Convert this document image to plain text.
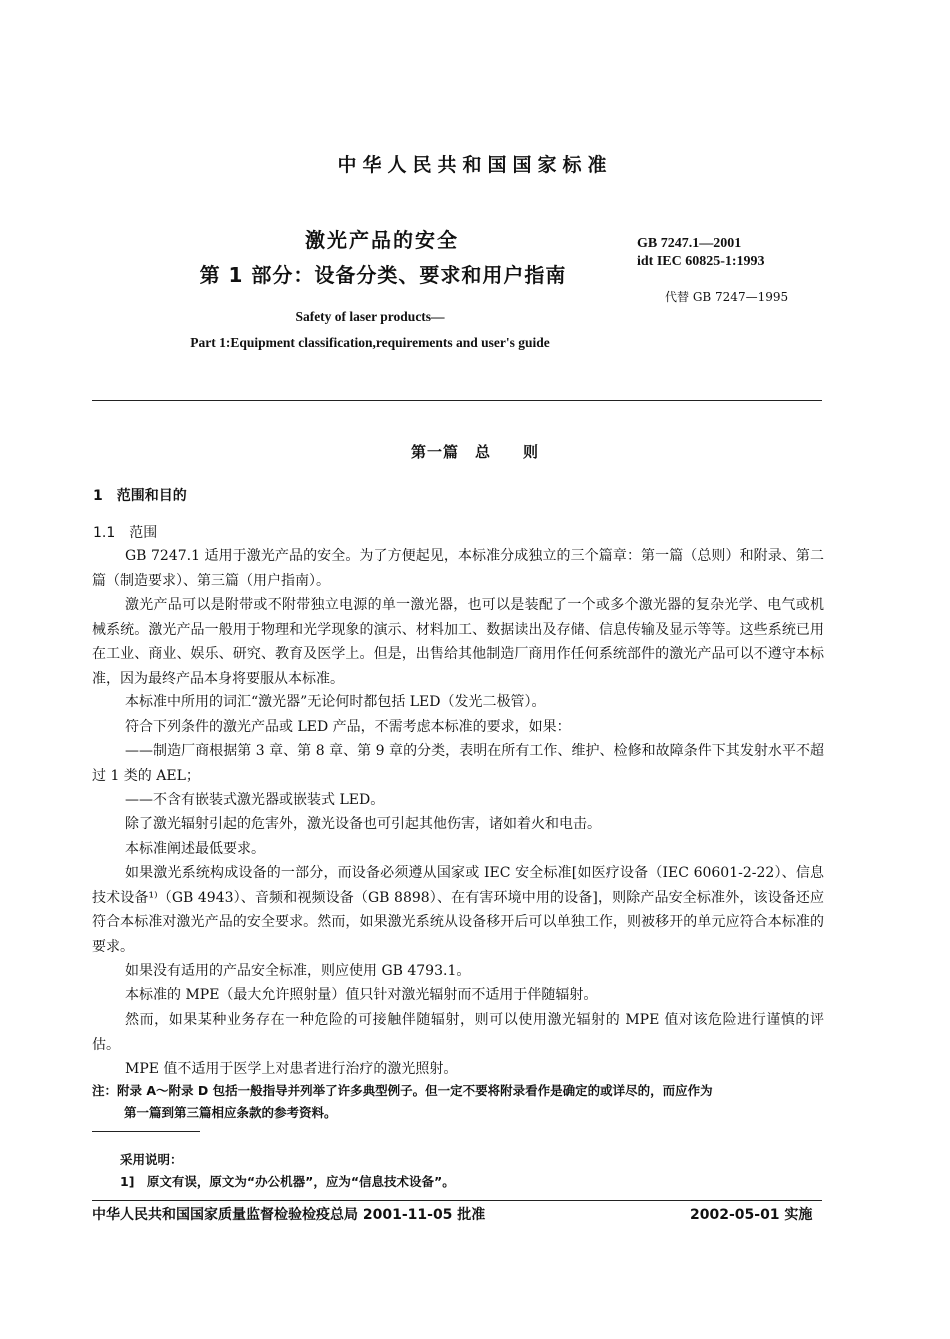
中华人民共和国国家标准
激光产品的安全
第 1 部分：设备分类、要求和用户指南
Safety of laser products—
Part 1:Equipment classification,requirements and user's guide
GB 7247.1—2001
idt IEC 60825-1:1993
代替 GB 7247—1995
第一篇　总　　则
1　范围和目的
1.1　范围
GB 7247.1 适用于激光产品的安全。为了方便起见，本标准分成独立的三个篇章：第一篇（总则）和附录、第二篇（制造要求）、第三篇（用户指南）。
激光产品可以是附带或不附带独立电源的单一激光器，也可以是装配了一个或多个激光器的复杂光学、电气或机械系统。激光产品一般用于物理和光学现象的演示、材料加工、数据读出及存储、信息传输及显示等等。这些系统已用在工业、商业、娱乐、研究、教育及医学上。但是，出售给其他制造厂商用作任何系统部件的激光产品可以不遵守本标准，因为最终产品本身将要服从本标准。
本标准中所用的词汇“激光器”无论何时都包括 LED（发光二极管）。
符合下列条件的激光产品或 LED 产品，不需考虑本标准的要求，如果：
——制造厂商根据第 3 章、第 8 章、第 9 章的分类，表明在所有工作、维护、检修和故障条件下其发射水平不超过 1 类的 AEL；
——不含有嵌装式激光器或嵌装式 LED。
除了激光辐射引起的危害外，激光设备也可引起其他伤害，诸如着火和电击。
本标准阐述最低要求。
如果激光系统构成设备的一部分，而设备必须遵从国家或 IEC 安全标准[如医疗设备（IEC 60601-2-22）、信息技术设备¹⁾（GB 4943）、音频和视频设备（GB 8898）、在有害环境中用的设备]，则除产品安全标准外，该设备还应符合本标准对激光产品的安全要求。然而，如果激光系统从设备移开后可以单独工作，则被移开的单元应符合本标准的要求。
如果没有适用的产品安全标准，则应使用 GB 4793.1。
本标准的 MPE（最大允许照射量）值只针对激光辐射而不适用于伴随辐射。
然而，如果某种业务存在一种危险的可接触伴随辐射，则可以使用激光辐射的 MPE 值对该危险进行谨慎的评估。
MPE 值不适用于医学上对患者进行治疗的激光照射。
注：附录 A～附录 D 包括一般指导并列举了许多典型例子。但一定不要将附录看作是确定的或详尽的，而应作为
第一篇到第三篇相应条款的参考资料。
采用说明：
1]　原文有误，原文为“办公机器”，应为“信息技术设备”。
中华人民共和国国家质量监督检验检疫总局 2001-11-05 批准	2002-05-01 实施
